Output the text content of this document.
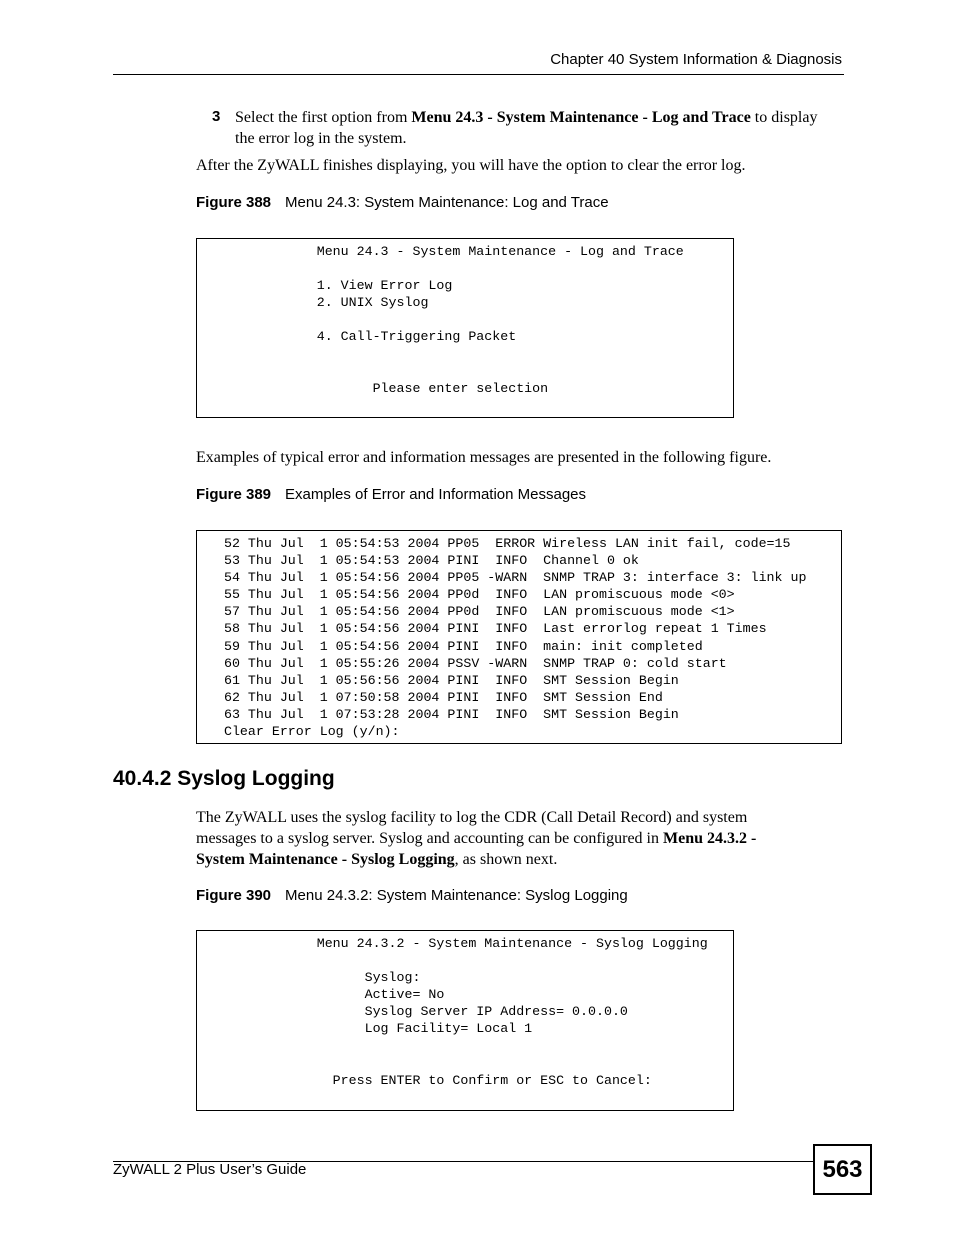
Chapter 40 System Information & Diagnosis
3 Select the first option from Menu 24.3 - System Maintenance - Log and Trace to display the error log in the system.
After the ZyWALL finishes displaying, you will have the option to clear the error log.
Figure 388 Menu 24.3: System Maintenance: Log and Trace
Menu 24.3 - System Maintenance - Log and Trace

1. View Error Log
2. UNIX Syslog

4. Call-Triggering Packet

Please enter selection
Examples of typical error and information messages are presented in the following figure.
Figure 389 Examples of Error and Information Messages
52 Thu Jul  1 05:54:53 2004 PP05  ERROR Wireless LAN init fail, code=15
53 Thu Jul  1 05:54:53 2004 PINI  INFO  Channel 0 ok
54 Thu Jul  1 05:54:56 2004 PP05 -WARN  SNMP TRAP 3: interface 3: link up
55 Thu Jul  1 05:54:56 2004 PP0d  INFO  LAN promiscuous mode <0>
57 Thu Jul  1 05:54:56 2004 PP0d  INFO  LAN promiscuous mode <1>
58 Thu Jul  1 05:54:56 2004 PINI  INFO  Last errorlog repeat 1 Times
59 Thu Jul  1 05:54:56 2004 PINI  INFO  main: init completed
60 Thu Jul  1 05:55:26 2004 PSSV -WARN  SNMP TRAP 0: cold start
61 Thu Jul  1 05:56:56 2004 PINI  INFO  SMT Session Begin
62 Thu Jul  1 07:50:58 2004 PINI  INFO  SMT Session End
63 Thu Jul  1 07:53:28 2004 PINI  INFO  SMT Session Begin
Clear Error Log (y/n):
40.4.2 Syslog Logging
The ZyWALL uses the syslog facility to log the CDR (Call Detail Record) and system messages to a syslog server. Syslog and accounting can be configured in Menu 24.3.2 - System Maintenance - Syslog Logging, as shown next.
Figure 390 Menu 24.3.2: System Maintenance: Syslog Logging
Menu 24.3.2 - System Maintenance - Syslog Logging

Syslog:
Active= No
Syslog Server IP Address= 0.0.0.0
Log Facility= Local 1

Press ENTER to Confirm or ESC to Cancel:
ZyWALL 2 Plus User’s Guide	563
